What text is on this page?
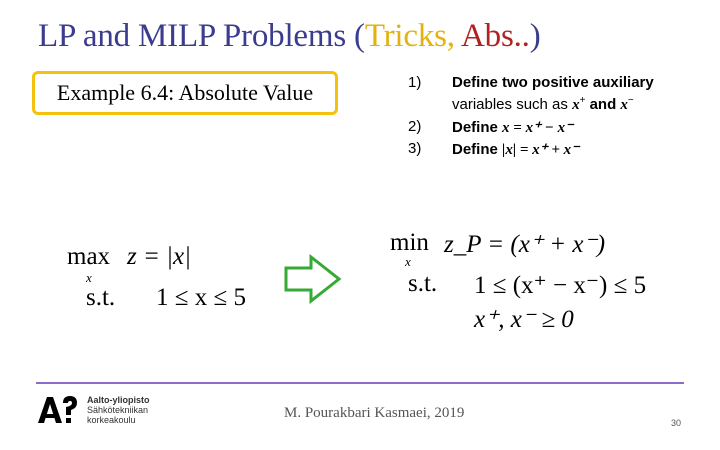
LP and MILP Problems (Tricks, Abs..)
Example 6.4: Absolute Value	1)	Define two positive auxiliary
variables such as x+ and x−
2)	Define x = x⁺ − x⁻
3)	Define |x| = x⁺ + x⁻
max
x
z = |x|
s.t. 1 ≤ x ≤ 5
min
x
z_P = (x⁺ + x⁻)
s.t. 1 ≤ (x⁺ − x⁻) ≤ 5
x⁺, x⁻ ≥ 0
Aalto-yliopisto
Sähkötekniikan
korkeakoulu	M. Pourakbari Kasmaei, 2019
30
